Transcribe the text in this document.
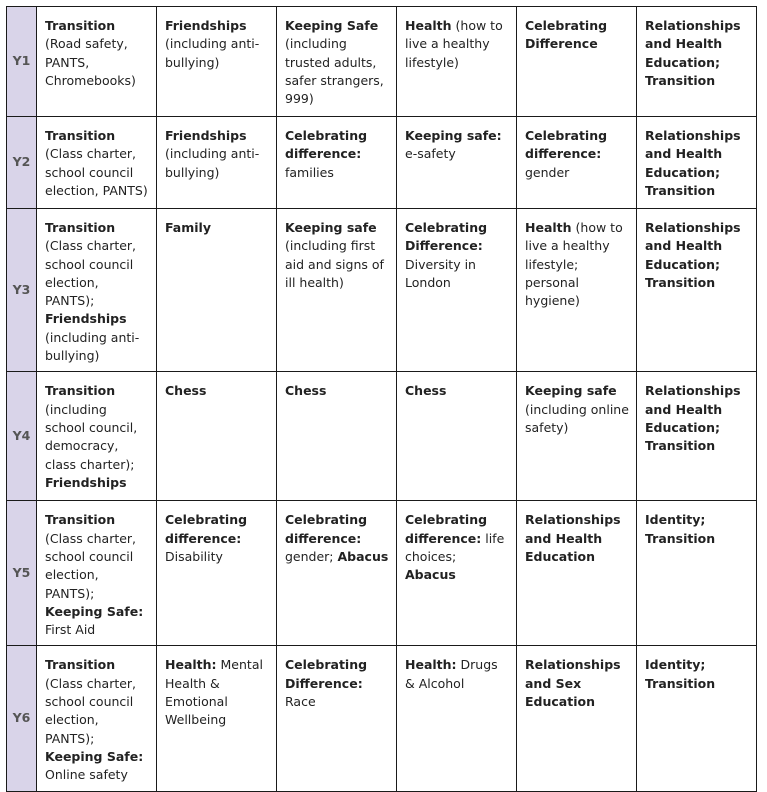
Y1	Transition (Road safety, PANTS, Chromebooks)	Friendships (including anti-bullying)	Keeping Safe (including trusted adults, safer strangers, 999)	Health (how to live a healthy lifestyle)	Celebrating Difference	Relationships and Health Education; Transition
Y2	Transition (Class charter, school council election, PANTS)	Friendships (including anti-bullying)	Celebrating difference: families	Keeping safe: e-safety	Celebrating difference: gender	Relationships and Health Education; Transition
Y3	Transition (Class charter, school council election, PANTS); Friendships (including anti-bullying)	Family	Keeping safe (including first aid and signs of ill health)	Celebrating Difference: Diversity in London	Health (how to live a healthy lifestyle; personal hygiene)	Relationships and Health Education; Transition
Y4	Transition (including school council, democracy, class charter); Friendships	Chess	Chess	Chess	Keeping safe (including online safety)	Relationships and Health Education; Transition
Y5	Transition (Class charter, school council election, PANTS); Keeping Safe: First Aid	Celebrating difference: Disability	Celebrating difference: gender; Abacus	Celebrating difference: life choices; Abacus	Relationships and Health Education	Identity; Transition
Y6	Transition (Class charter, school council election, PANTS); Keeping Safe: Online safety	Health: Mental Health & Emotional Wellbeing	Celebrating Difference: Race	Health: Drugs & Alcohol	Relationships and Sex Education	Identity; Transition
